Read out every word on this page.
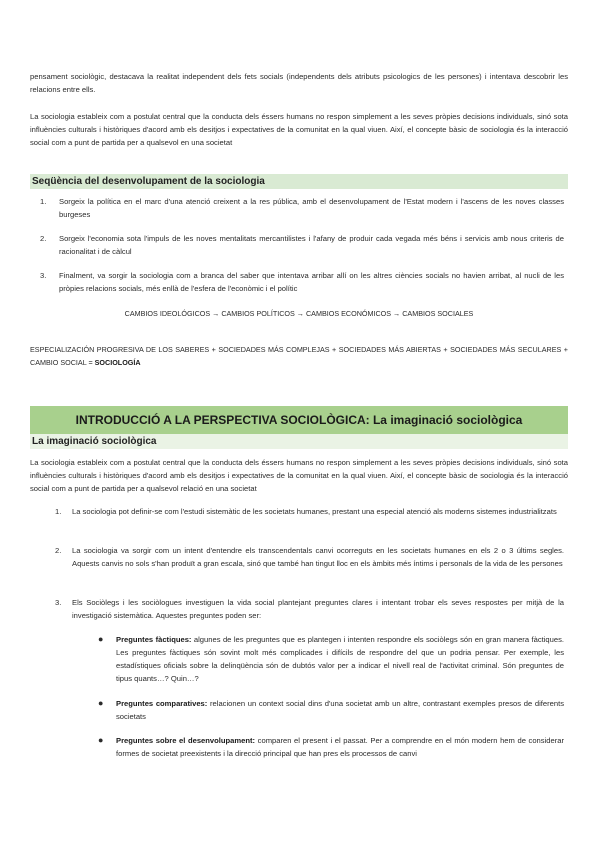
pensament sociològic, destacava la realitat independent dels fets socials (independents dels atributs psicologics de les persones) i intentava descobrir les relacions entre ells.

La sociologia estableix com a postulat central que la conducta dels éssers humans no respon simplement a les seves pròpies decisions individuals, sinó sota influències culturals i històriques d'acord amb els desitjos i expectatives de la comunitat en la qual viuen. Així, el concepte bàsic de sociologia és la interacció social com a punt de partida per a qualsevol en una societat

Seqüència del desenvolupament de la sociologia
1. Sorgeix la política en el marc d'una atenció creixent a la res pública, amb el desenvolupament de l'Estat modern i l'ascens de les noves classes burgeses

2. Sorgeix l'economia sota l'impuls de les noves mentalitats mercantilistes i l'afany de produir cada vegada més béns i servicis amb nous criteris de racionalitat i de càlcul

3. Finalment, va sorgir la sociologia com a branca del saber que intentava arribar allí on les altres ciències socials no havien arribat, al nucli de les pròpies relacions socials, més enllà de l'esfera de l'econòmic i el polític

CAMBIOS IDEOLÓGICOS → CAMBIOS POLÍTICOS → CAMBIOS ECONÓMICOS → CAMBIOS SOCIALES

ESPECIALIZACIÓN PROGRESIVA DE LOS SABERES + SOCIEDADES MÁS COMPLEJAS + SOCIEDADES MÁS ABIERTAS + SOCIEDADES MÁS SECULARES + CAMBIO SOCIAL = SOCIOLOGÍA

INTRODUCCIÓ A LA PERSPECTIVA SOCIOLÒGICA: La imaginació sociològica
La imaginació sociològica

La sociologia estableix com a postulat central que la conducta dels éssers humans no respon simplement a les seves pròpies decisions individuals, sinó sota influències culturals i històriques d'acord amb els desitjos i expectatives de la comunitat en la qual viuen. Així, el concepte bàsic de sociologia és la interacció social com a punt de partida per a qualsevol relació en una societat

1. La sociologia pot definir-se com l'estudi sistemàtic de les societats humanes, prestant una especial atenció als moderns sistemes industrialitzats

2. La sociologia va sorgir com un intent d'entendre els transcendentals canvi ocorreguts en les societats humanes en els 2 o 3 últims segles. Aquests canvis no sols s'han produït a gran escala, sinó que també han tingut lloc en els àmbits més íntims i personals de la vida de les persones

3. Els Sociòlegs i les sociòlogues investiguen la vida social plantejant preguntes clares i intentant trobar els seves respostes per mitjà de la investigació sistemàtica. Aquestes preguntes poden ser:

● Preguntes fàctiques: algunes de les preguntes que es plantegen i intenten respondre els sociòlegs són en gran manera fàctiques. Les preguntes fàctiques són sovint molt més complicades i difícils de respondre del que un podria pensar. Per exemple, les estadístiques oficials sobre la delinqüència són de dubtós valor per a indicar el nivell real de l'activitat criminal. Són preguntes de tipus quants…? Quin…?

● Preguntes comparatives: relacionen un context social dins d'una societat amb un altre, contrastant exemples presos de diferents societats

● Preguntes sobre el desenvolupament: comparen el present i el passat. Per a comprendre en el món modern hem de considerar formes de societat preexistents i la direcció principal que han pres els processos de canvi
